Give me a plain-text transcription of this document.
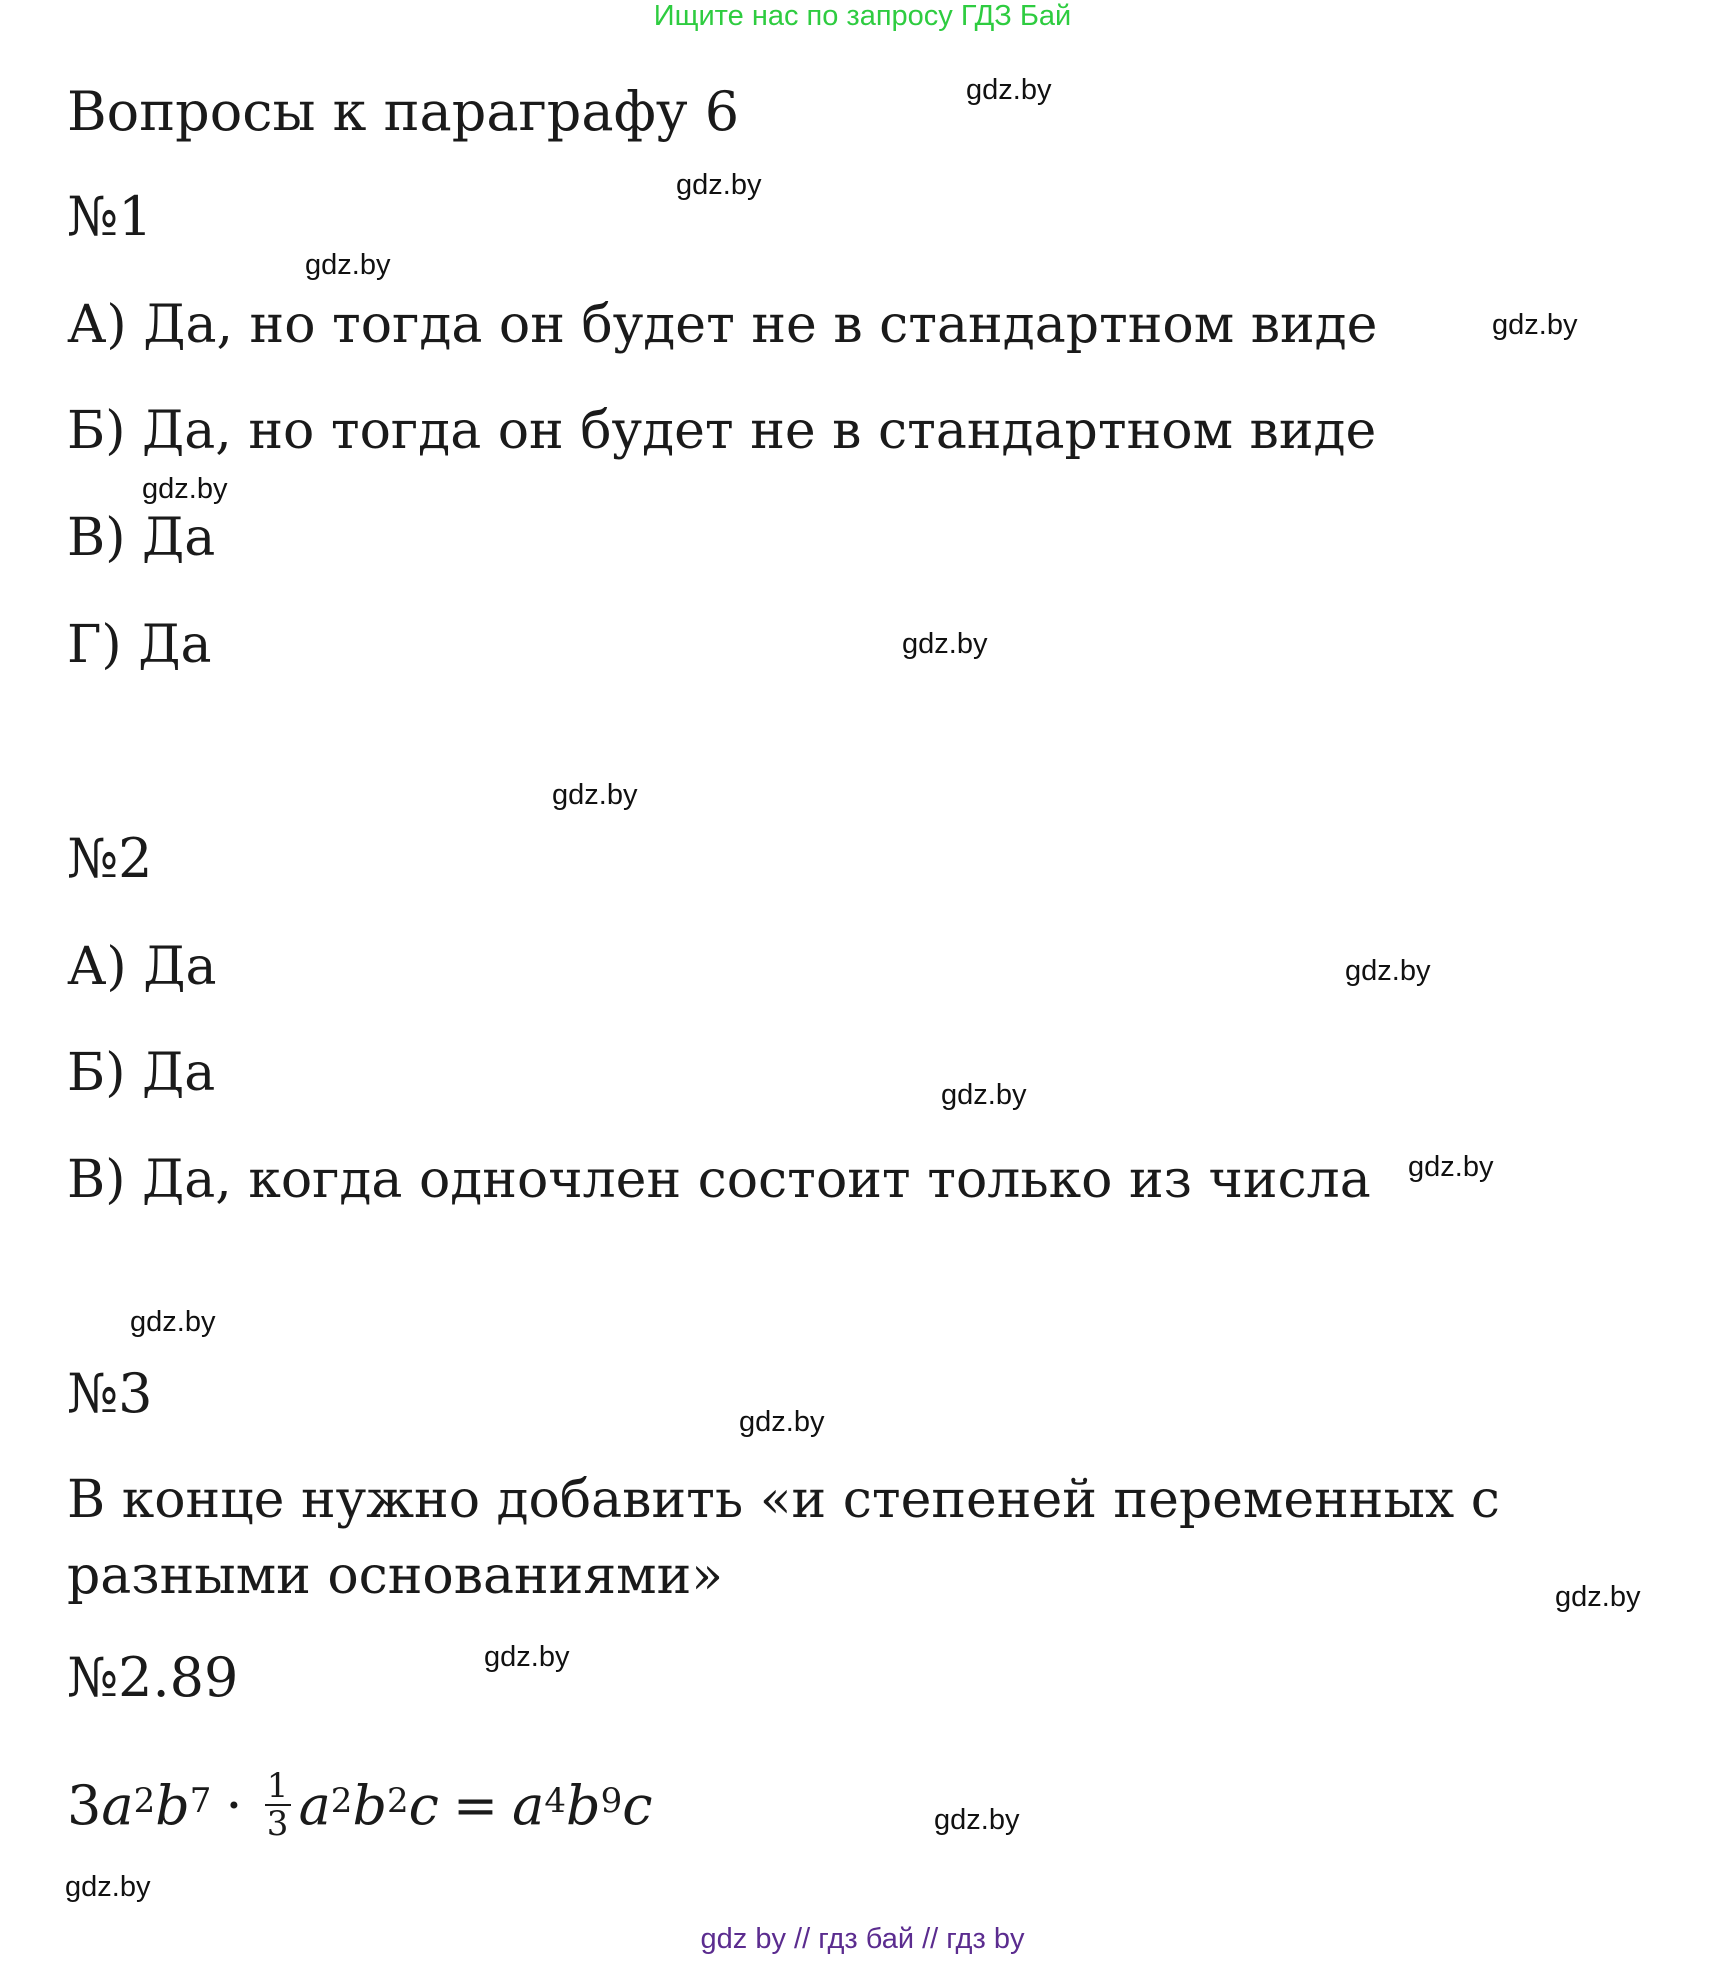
Ищите нас по запросу ГДЗ Бай
Вопросы к параграфу 6
№1
А) Да, но тогда он будет не в стандартном виде
Б) Да, но тогда он будет не в стандартном виде
В) Да
Г) Да
№2
А) Да
Б) Да
В) Да, когда одночлен состоит только из числа
№3
В конце нужно добавить «и степеней переменных с разными основаниями»
№2.89
3 $a^2$ $b^7 \cdot \frac{1}{3} a^2$ $b^2$ $c = a^4$ $b^9$ c
gdz.by
gdz.by
gdz.by
gdz.by
gdz.by
gdz.by
gdz.by
gdz.by
gdz.by
gdz.by
gdz.by
gdz.by
gdz.by
gdz.by
gdz.by
gdz.by
gdz by // гдз бай // гдз by
